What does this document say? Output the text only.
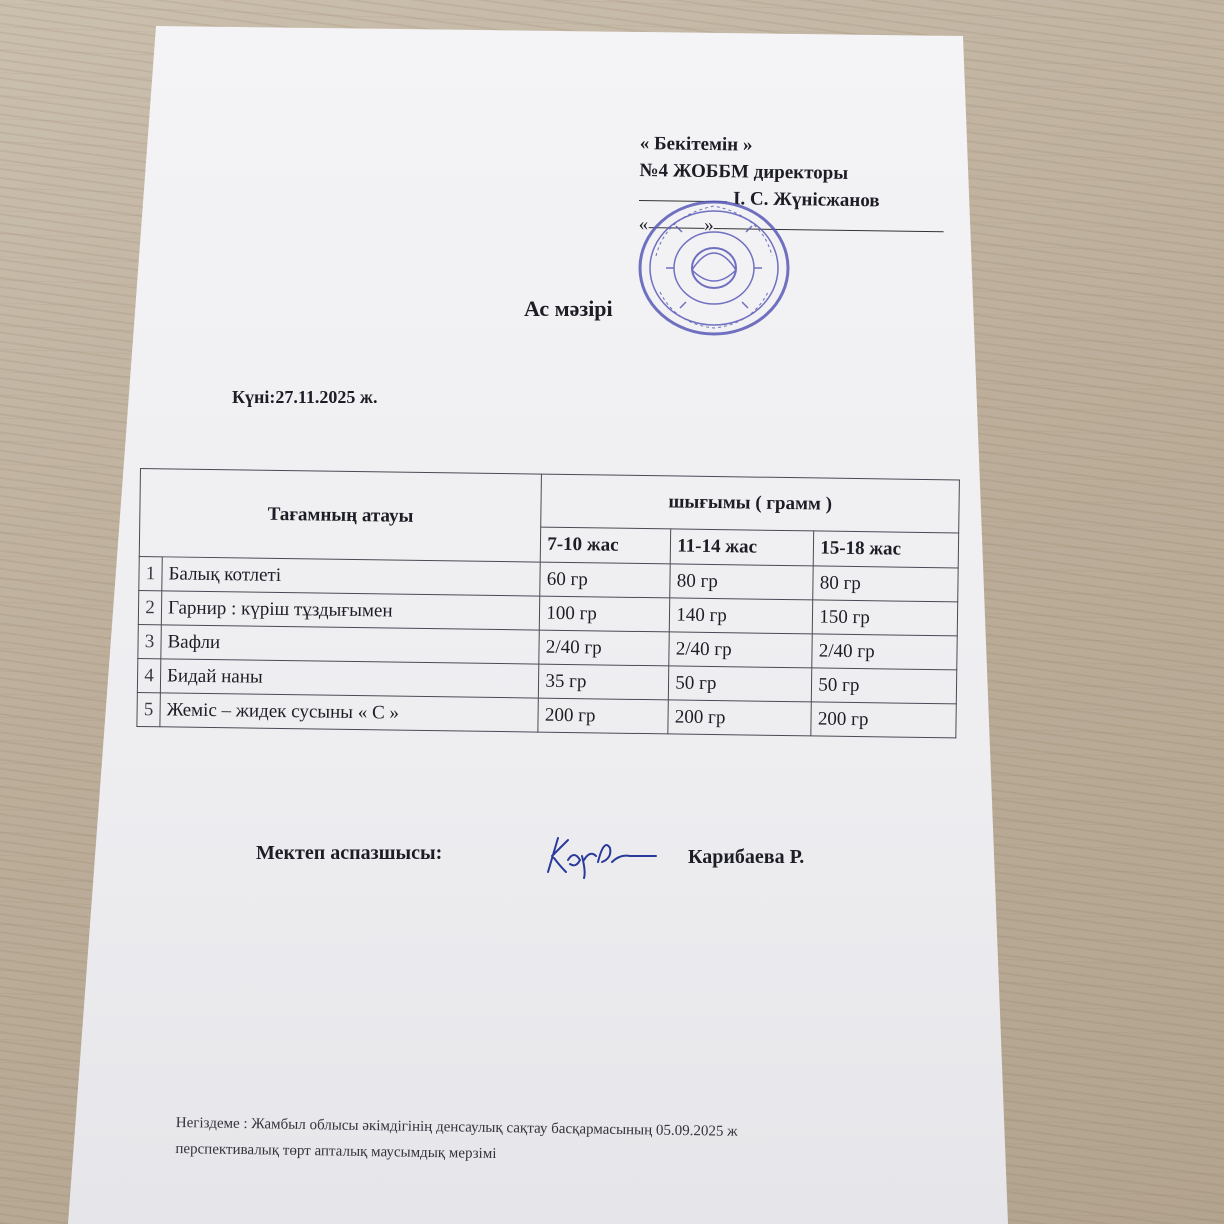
« Бекітемін »
№4 ЖОББМ директоры
І. С. Жүнісжанов
«	»
Ас мәзірі
Күні:27.11.2025 ж.
Тағамның атауы		шығымы ( грамм )		
		7-10 жас	11-14 жас	15-18 жас
1	Балық котлеті	60 гр	80 гр	80 гр
2	Гарнир : күріш тұздығымен	100 гр	140 гр	150 гр
3	Вафли	2/40 гр	2/40 гр	2/40 гр
4	Бидай наны	35 гр	50 гр	50 гр
5	Жеміс – жидек сусыны « С »	200 гр	200 гр	200 гр
Мектеп аспазшысы:	Карибаева Р.
Негіздеме : Жамбыл облысы әкімдігінің денсаулық сақтау басқармасының 05.09.2025 ж
перспективалық төрт апталық маусымдық мерзімі
